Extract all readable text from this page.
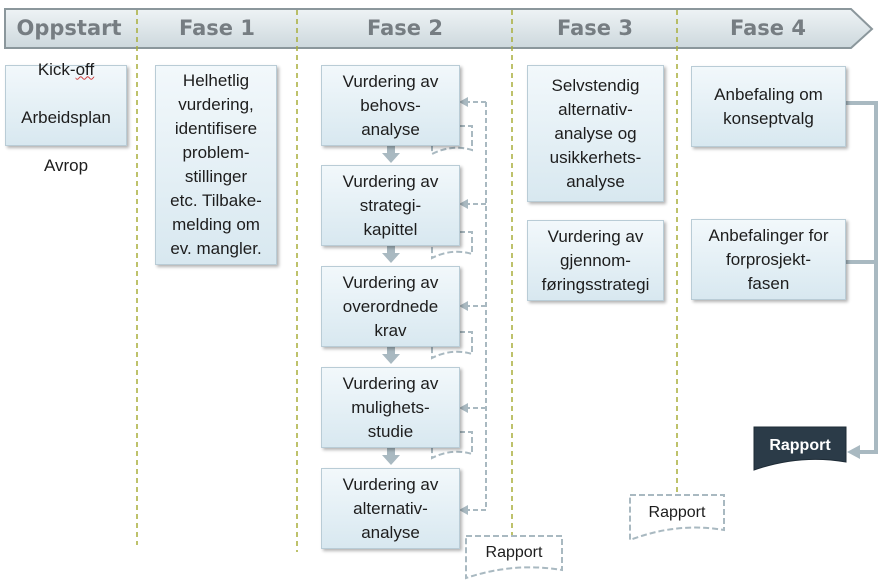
Oppstart	Fase 1	Fase 2	Fase 3	Fase 4

Kick-off

Arbeidsplan

Avrop

Helhetlig
vurdering,
identifisere
problem-
stillinger
etc. Tilbake-
melding om
ev. mangler.
Vurdering av
behovs-
analyse
Vurdering av
strategi-
kapittel
Vurdering av
overordnede
krav
Vurdering av
mulighets-
studie
Vurdering av
alternativ-
analyse
Rapport
Selvstendig
alternativ-
analyse og
usikkerhets-
analyse
Vurdering av
gjennom-
føringsstrategi
Rapport
Anbefaling om
konseptvalg
Anbefalinger for
forprosjekt-
fasen
Rapport
